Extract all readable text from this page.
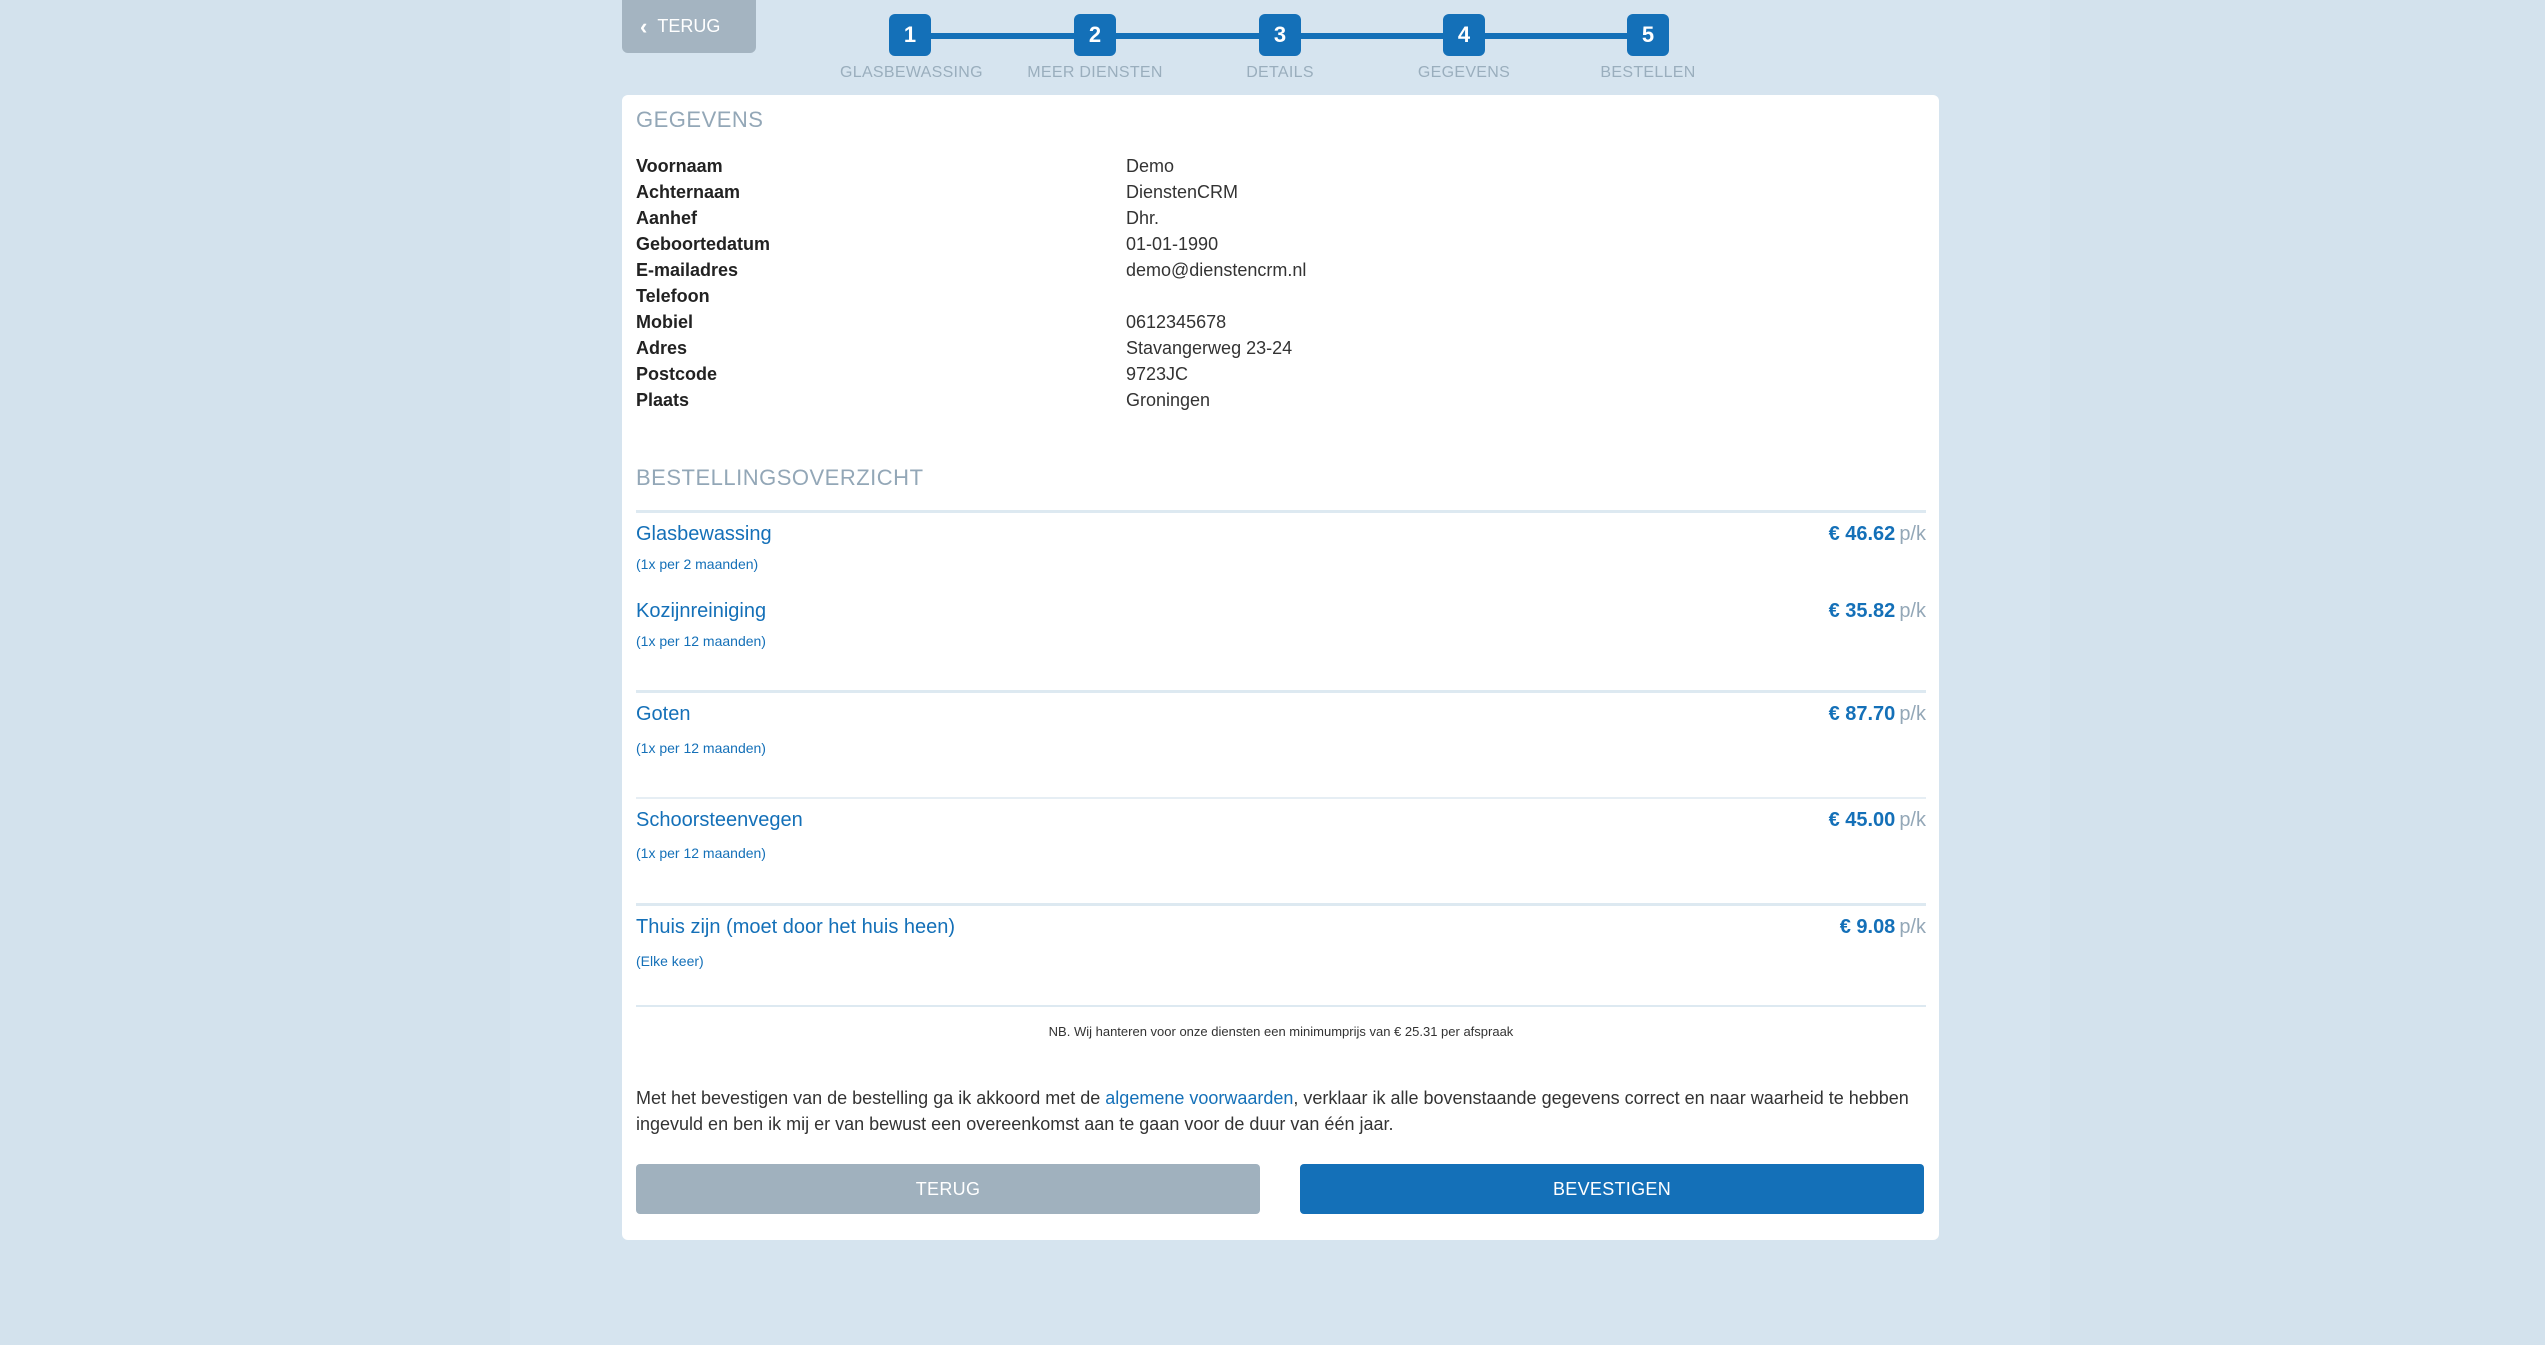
‹ TERUG	1
GLASBEWASSING
2
MEER DIENSTEN
3
DETAILS
4
GEGEVENS
5
BESTELLEN
GEGEVENS
Voornaam	Demo
Achternaam	DienstenCRM
Aanhef	Dhr.
Geboortedatum	01-01-1990
E-mailadres	demo@dienstencrm.nl
Telefoon
Mobiel	0612345678
Adres	Stavangerweg 23-24
Postcode	9723JC
Plaats	Groningen
BESTELLINGSOVERZICHT
Glasbewassing
(1x per 2 maanden)
€ 46.62 p/k
Kozijnreiniging
(1x per 12 maanden)
€ 35.82 p/k
Goten
(1x per 12 maanden)
€ 87.70 p/k
Schoorsteenvegen
(1x per 12 maanden)
€ 45.00 p/k
Thuis zijn (moet door het huis heen)
(Elke keer)
€ 9.08 p/k
NB. Wij hanteren voor onze diensten een minimumprijs van € 25.31 per afspraak
Met het bevestigen van de bestelling ga ik akkoord met de algemene voorwaarden, verklaar ik alle bovenstaande gegevens correct en naar waarheid te hebben ingevuld en ben ik mij er van bewust een overeenkomst aan te gaan voor de duur van één jaar.
TERUG	BEVESTIGEN
